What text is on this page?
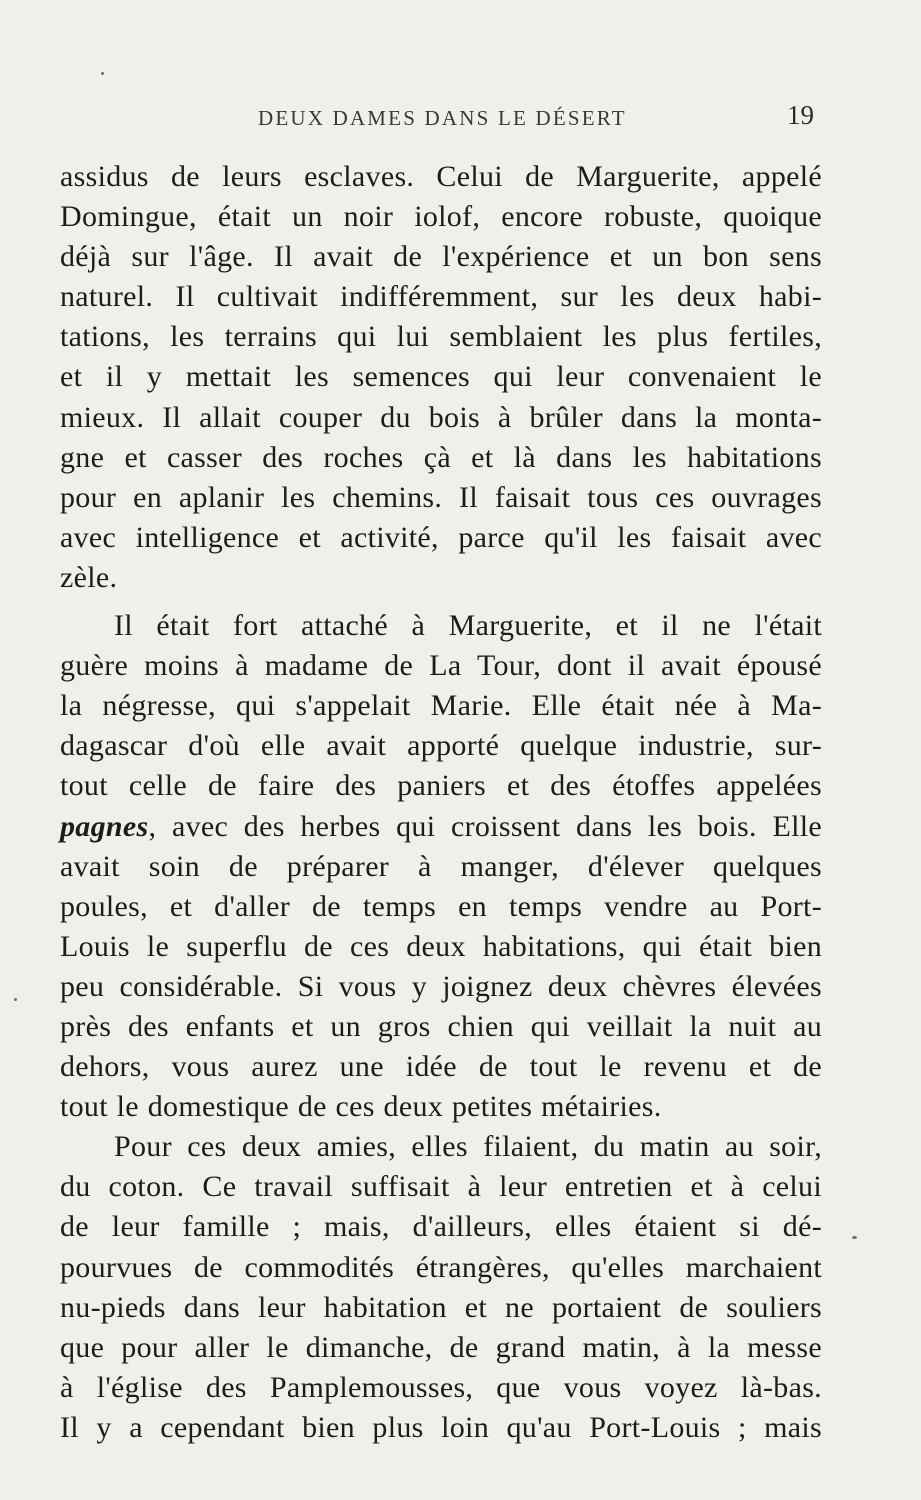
DEUX DAMES DANS LE DÉSERT	19
assidus de leurs esclaves. Celui de Marguerite, appelé
Domingue, était un noir iolof, encore robuste, quoique
déjà sur l'âge. Il avait de l'expérience et un bon sens
naturel. Il cultivait indifféremment, sur les deux habi-
tations, les terrains qui lui semblaient les plus fertiles,
et il y mettait les semences qui leur convenaient le
mieux. Il allait couper du bois à brûler dans la monta-
gne et casser des roches çà et là dans les habitations
pour en aplanir les chemins. Il faisait tous ces ouvrages
avec intelligence et activité, parce qu'il les faisait avec
zèle.
Il était fort attaché à Marguerite, et il ne l'était
guère moins à madame de La Tour, dont il avait épousé
la négresse, qui s'appelait Marie. Elle était née à Ma-
dagascar d'où elle avait apporté quelque industrie, sur-
tout celle de faire des paniers et des étoffes appelées
pagnes, avec des herbes qui croissent dans les bois. Elle
avait soin de préparer à manger, d'élever quelques
poules, et d'aller de temps en temps vendre au Port-
Louis le superflu de ces deux habitations, qui était bien
peu considérable. Si vous y joignez deux chèvres élevées
près des enfants et un gros chien qui veillait la nuit au
dehors, vous aurez une idée de tout le revenu et de
tout le domestique de ces deux petites métairies.
Pour ces deux amies, elles filaient, du matin au soir,
du coton. Ce travail suffisait à leur entretien et à celui
de leur famille ; mais, d'ailleurs, elles étaient si dé-
pourvues de commodités étrangères, qu'elles marchaient
nu-pieds dans leur habitation et ne portaient de souliers
que pour aller le dimanche, de grand matin, à la messe
à l'église des Pamplemousses, que vous voyez là-bas.
Il y a cependant bien plus loin qu'au Port-Louis ; mais
